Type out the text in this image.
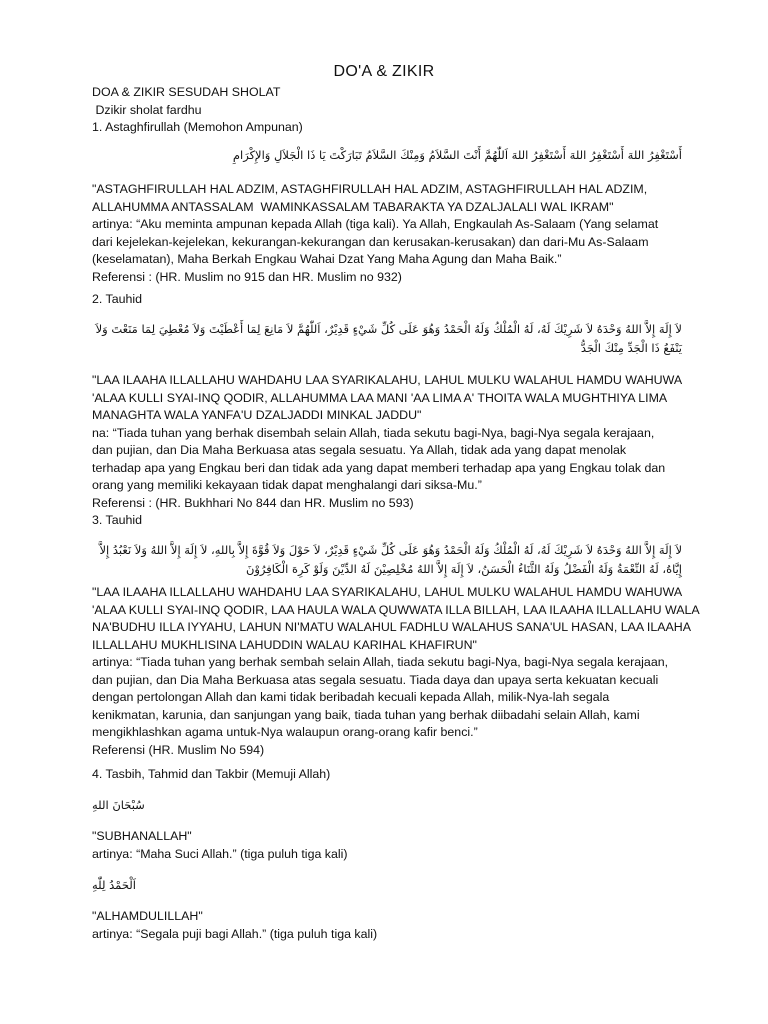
DO'A & ZIKIR
DOA & ZIKIR SESUDAH SHOLAT
Dzikir sholat fardhu
1. Astaghfirullah (Memohon Ampunan)
أَسْتَغْفِرُ اللهَ أَسْتَغْفِرُ اللهَ أَسْتَغْفِرُ اللهَ اَللّٰهُمَّ أَنْتَ السَّلاَمُ وَمِنْكَ السَّلاَمُ تَبَارَكْتَ يَا ذَا الْجَلاَلِ وَالإِكْرَامِ
"ASTAGHFIRULLAH HAL ADZIM, ASTAGHFIRULLAH HAL ADZIM, ASTAGHFIRULLAH HAL ADZIM,
ALLAHUMMA ANTASSALAM  WAMINKASSALAM TABARAKTA YA DZALJALALI WAL IKRAM"
artinya: “Aku meminta ampunan kepada Allah (tiga kali). Ya Allah, Engkaulah As-Salaam (Yang selamat
dari kejelekan-kejelekan, kekurangan-kekurangan dan kerusakan-kerusakan) dan dari-Mu As-Salaam
(keselamatan), Maha Berkah Engkau Wahai Dzat Yang Maha Agung dan Maha Baik.”
Referensi : (HR. Muslim no 915 dan HR. Muslim no 932)
2. Tauhid
لاَ إِلَهَ إِلاَّ اللهُ وَحْدَهُ لاَ شَرِيْكَ لَهُ، لَهُ الْمُلْكُ وَلَهُ الْحَمْدُ وَهُوَ عَلَى كُلِّ شَيْءٍ قَدِيْرٌ، اَللّٰهُمَّ لاَ مَانِعَ لِمَا أَعْطَيْتَ وَلاَ مُعْطِيَ لِمَا مَنَعْتَ وَلاَ يَنْفَعُ ذَا الْجَدِّ مِنْكَ الْجَدُّ
"LAA ILAAHA ILLALLAHU WAHDAHU LAA SYARIKALAHU, LAHUL MULKU WALAHUL HAMDU WAHUWA
'ALAA KULLI SYAI-INQ QODIR, ALLAHUMMA LAA MANI 'AA LIMA A' THOITA WALA MUGHTHIYA LIMA
MANAGHTA WALA YANFA'U DZALJADDI MINKAL JADDU"
na: “Tiada tuhan yang berhak disembah selain Allah, tiada sekutu bagi-Nya, bagi-Nya segala kerajaan,
dan pujian, dan Dia Maha Berkuasa atas segala sesuatu. Ya Allah, tidak ada yang dapat menolak
terhadap apa yang Engkau beri dan tidak ada yang dapat memberi terhadap apa yang Engkau tolak dan
orang yang memiliki kekayaan tidak dapat menghalangi dari siksa-Mu.”
Referensi : (HR. Bukhhari No 844 dan HR. Muslim no 593)
3. Tauhid
لاَ إِلَهَ إِلاَّ اللهُ وَحْدَهُ لاَ شَرِيْكَ لَهُ، لَهُ الْمُلْكُ وَلَهُ الْحَمْدُ وَهُوَ عَلَى كُلِّ شَيْءٍ قَدِيْرٌ، لاَ حَوْلَ وَلاَ قُوَّةَ إِلاَّ بِاللهِ، لاَ إِلَهَ إِلاَّ اللهُ وَلاَ نَعْبُدُ إِلاَّ إِيَّاهُ، لَهُ النِّعْمَةُ وَلَهُ الْفَضْلُ وَلَهُ الثَّنَاءُ الْحَسَنُ، لاَ إِلَهَ إِلاَّ اللهُ مُخْلِصِيْنَ لَهُ الدِّيْنَ وَلَوْ كَرِهَ الْكَافِرُوْنَ
"LAA ILAAHA ILLALLAHU WAHDAHU LAA SYARIKALAHU, LAHUL MULKU WALAHUL HAMDU WAHUWA
'ALAA KULLI SYAI-INQ QODIR, LAA HAULA WALA QUWWATA ILLA BILLAH, LAA ILAAHA ILLALLAHU WALA
NA'BUDHU ILLA IYYAHU, LAHUN NI'MATU WALAHUL FADHLU WALAHUS SANA'UL HASAN, LAA ILAAHA
ILLALLAHU MUKHLISINA LAHUDDIN WALAU KARIHAL KHAFIRUN"
artinya: “Tiada tuhan yang berhak sembah selain Allah, tiada sekutu bagi-Nya, bagi-Nya segala kerajaan,
dan pujian, dan Dia Maha Berkuasa atas segala sesuatu. Tiada daya dan upaya serta kekuatan kecuali
dengan pertolongan Allah dan kami tidak beribadah kecuali kepada Allah, milik-Nya-lah segala
kenikmatan, karunia, dan sanjungan yang baik, tiada tuhan yang berhak diibadahi selain Allah, kami
mengikhlashkan agama untuk-Nya walaupun orang-orang kafir benci.”
Referensi (HR. Muslim No 594)
4. Tasbih, Tahmid dan Takbir (Memuji Allah)
سُبْحَانَ اللهِ
"SUBHANALLAH"
artinya: “Maha Suci Allah.” (tiga puluh tiga kali)
اَلْحَمْدُ لِلّٰهِ
"ALHAMDULILLAH"
artinya: “Segala puji bagi Allah.” (tiga puluh tiga kali)
